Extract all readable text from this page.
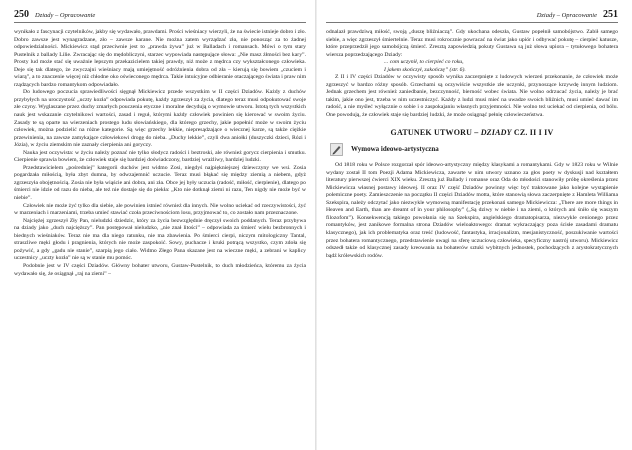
250 Dziady – Opracowanie

wynikało z fascynacji czytelników, jakby się wydawało, prawdami. Prości wieśniacy wierzyli, że na świecie istnieje dobro i zło. Dobro zawsze jest wynagradzane, zło – zawsze karane. Nie można zatem wyrządzać zła, nie ponosząc za to żadnej odpowiedzialności. Mickiewicz stąd przeciwnie jest to „prawda żywa” już w Balladach i romansach. Mówi o tym stary Pustelnik z ballady Lilie. Zwracając się do mędobliczyni, starzec wypowiada następujące słowa: „Nie masz żłmości bez kary”. Prosty lud może stać się uważnie lepszym przekazicielem takiej prawdy, niż może z mędrca czy wykształconego człowieka. Deje się tak dlatego, że zwyczajni wieśniacy mają umiejętność odróżnienia dobra od zła – kierują się bowiem „czuciem i wiarą”, a to znaczenie więcej niż chłodne oko oświeconego mędrca. Takie intuicyjne odbieranie otaczającego świata i praw nim rządzących bardzo romantykom odpowiadało.

Do ludowego poczucia sprawiedliwości sięgnął Mickiewicz przede wszystkim w II części Dziadów. Każdy z duchów przybyłych na uroczystość „uczty kozła” odpowiada pokutę, każdy zgrzeszył za życia, dlatego teraz musi odpokutować swoje złe czyny. Wyglaszane przez duchy zmarłych pouczenia etyczne i moralne decydują o wymowie utworu. Istotą tych wszystkich nauk jest wskazanie czytelnikowi wartości, zasad i reguł, którymi każdy człowiek powinien się kierować w swoim życiu. Zasady te są oparte na wierzeniach prostego ludu słowiańskiego, dla którego grzechy, jakie popełnić może w swoim życiu człowiek, można podzielić na różne kategorie. Są więc grzechy lekkie, niepresądzające o wiecznej karze, są także ciężkie przewinienia, na zawsze zamykające człowiekowi drogę do nieba. „Duchy lekkie”, czyli dwa aniołki (duszyczki dzieci, Rózi i Józia), w życiu ziemskim nie zaznały cierpienia ani goryczy.

Nauka jest oczywista: w życiu należy poznać nie tylko słodycz radości i beztroski, ale również gorycz cierpienia i smutku. Cierpienie sprawia bowiem, że człowiek staje się bardziej doświadczony, bardziej wrażliwy, bardziej ludzki.

Przedstawicielem „pośredniej” kategorii duchów jest widmo Zosi, niegdyś najpiękniejszej dziewczyny we wsi. Zosia pogardzała miłością, była zbyt dumna, by odwzajemnić uczucie. Teraz musi błąkać się między ziemią a niebem, gdyż zgrzeszyła obojętnością. Zosia nie była wiąście ani dobra, ani zła. Obce jej były uczucia (radość, miłość, cierpienie), dlatego po śmierci nie idzie od razu do nieba, ale też nie dostaje się do piekła: „Kto nie dotknął ziemi ni razu, Ten nigdy nie może być w niebie”.

Człowiek nie może żyć tylko dla siebie, ale powinien istnieć również dla innych. Nie wolno uciekać od rzeczywistości, żyć w marzeniach i marzeniami, trzeba umieć stawiać czoła przeciwnościom losu, przyjmować to, co zostało nam przeznaczone.

Najciężej zgrzeszył Zły Pan, nieludzki dziedzic, który za życia bezwzględnie dręczył swoich poddanych. Teraz przybywa na dziady jako „duch najcięższy”. Pan postępował nieludzko, „nie znał litości” – odpowiada za śmierć wielu bezbronnych i biednych wieśniaków. Teraz nie ma dla niego ratunku, nie ma zbawienia. Po śmierci cierpi, niczym mitologiczny Tantal, straszliwe męki głodu i pragnienia, których nie może zaspokoić. Sowy, puchacze i kruki potrącą wszystko, czym zdoła się pożywić, a gdy „gadu nie stanie”, szarpią jego ciało. Widmo Złego Pana skazane jest na wieczne męki, a zebrani w kaplicy uczestnicy „uczty kozła” nie są w stanie mu pomóc.

Podobnie jest w IV części Dziadów. Główny bohater utworu, Gustaw-Pustelnik, to duch młodzieńca, któremu za życia wydawało się, że osiągnął „raj na ziemi” –

Dziady – Opracowanie 251

odnalazł prawdziwą miłość, swoją „duszę bliźniaczą”. Gdy ukochana odeszła, Gustaw popełnił samobójstwo. Zabił samego siebie, a więc zgrzeszył śmiertelnie. Teraz musi rokrocznie powracać na świat jako upiór i odbywać pokutę – cierpieć katusze, które przeprzedził jego samobójczą śmierć. Zresztą zapowiedzią pokuty Gustawa są już słowa upiora – tytułowego bohatera wiersza poprzedzającego Dziady:

... com uczynił, to cierpieć co roku,
I jakem skończył, zakończę” (str. 6).

Z II i IV części Dziadów w oczywisty sposób wynika zaczerpnięte z ludowych wierzeń przekonanie, że człowiek może zgrzeszyć w bardzo różny sposób. Grzechami są oczywiście wszystkie złe uczynki, przynoszące krzywdę innym ludziom. Jednak grzechem jest również zaniedbanie, bezczynność, bierność wobec świata. Nie wolno odrzucać życia, należy je brać takim, jakie ono jest, trzeba w nim uczestniczyć. Każdy z ludzi musi mieć na uwadze swoich bliźnich, musi umieć dawać im radość, a nie myśleć wyłącznie o sobie i o zaspokajaniu własnych przyjemności. Nie wolno też uciekać od cierpienia, od bólu. One powodują, że człowiek staje się bardziej ludzki, że może osiągnąć pełnię człowieczeństwa.

GATUNEK UTWORU – DZIADY CZ. II I IV
Wymowa ideowo-artystyczna

Od 1818 roku w Polsce rozgorzał spór ideowo-artystyczny między klasykami a romantykami. Gdy w 1823 roku w Wilnie wydany został II tom Poezji Adama Mickiewicza, zawarte w nim utwory uznano za głos poety w dyskusji nad kształtem literatury pierwszej ćwierci XIX wieku. Zresztą już Ballady i romanse oraz Oda do młodości stanowiły próbę określenia przez Mickiewicza własnej postawy ideowej. II oraz IV część Dziadów powinny więc być traktowane jako kolejne wystąpienie polemiczne poety. Zamieszczenie na początku II części Dziadów motta, które stanowią słowa zaczerpnięte z Hamleta Williama Szekspira, należy odczytać jako niezwykle wymowną manifestację przekonań samego Mickiewicza: „There are more things in Heaven and Earth, than are dreamt of in your philosophy” („Są dziwy w niebie i na ziemi, o których ani śniło się waszym filozofom”). Konsekwencją takiego powołania się na Szekspira, angielskiego dramatopisarza, niezwykle cenionego przez romantyków, jest zanikowe formalna strona Dziadów wieloaktowego: dramat wykraczający poza ścisłe zasadami dramatu klasycznego), jak ich problematyka oraz treść (ludowość, fantastyka, irracjonalizm, mesjanistyczność, poszukiwanie wartości przez bohatera romantycznego, przedstawienie uwagi na sferę uczuciową człowieka, specyficzny nastrój utworu). Mickiewicz odszedł także od klasycznej zasady kreowania na bohaterów sztuki wybitnych jednostek, pochodzących z arystokratycznych bądź królewskich rodów.
